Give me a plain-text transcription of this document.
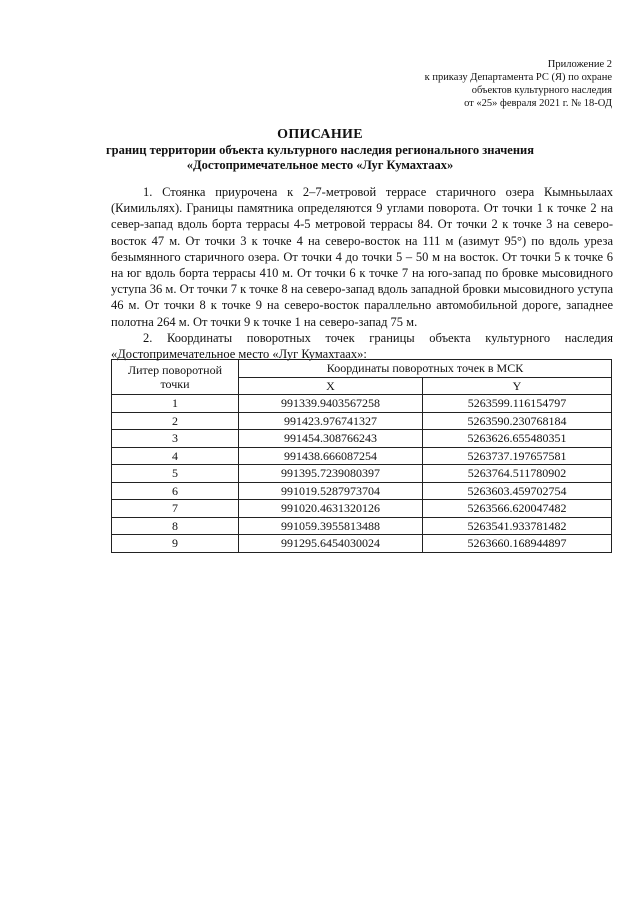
Приложение 2
к приказу Департамента РС (Я) по охране
объектов культурного наследия
от «25» февраля 2021 г. № 18-ОД
ОПИСАНИЕ
границ территории объекта культурного наследия регионального значения
«Достопримечательное место «Луг Кумахтаах»

1. Стоянка приурочена к 2–7-метровой террасе старичного озера Кымньылаах (Кимильлях). Границы памятника определяются 9 углами поворота. От точки 1 к точке 2 на север-запад вдоль борта террасы 4-5 метровой террасы 84. От точки 2 к точке 3 на северо-восток 47 м. От точки 3 к точке 4 на северо-восток на 111 м (азимут 95°) по вдоль уреза безымянного старичного озера. От точки 4 до точки 5 – 50 м на восток. От точки 5 к точке 6 на юг вдоль борта террасы 410 м. От точки 6 к точке 7 на юго-запад по бровке мысовидного уступа 36 м. От точки 7 к точке 8 на северо-запад вдоль западной бровки мысовидного уступа 46 м. От точки 8 к точке 9 на северо-восток параллельно автомобильной дороге, западнее полотна 264 м. От точки 9 к точке 1 на северо-запад 75 м.

2. Координаты поворотных точек границы объекта культурного наследия «Достопримечательное место «Луг Кумахтаах»:

Литер поворотной точки	Координаты поворотных точек в МСК	
	X	Y
1	991339.9403567258	5263599.116154797
2	991423.976741327	5263590.230768184
3	991454.308766243	5263626.655480351
4	991438.666087254	5263737.197657581
5	991395.7239080397	5263764.511780902
6	991019.5287973704	5263603.459702754
7	991020.4631320126	5263566.620047482
8	991059.3955813488	5263541.933781482
9	991295.6454030024	5263660.168944897
